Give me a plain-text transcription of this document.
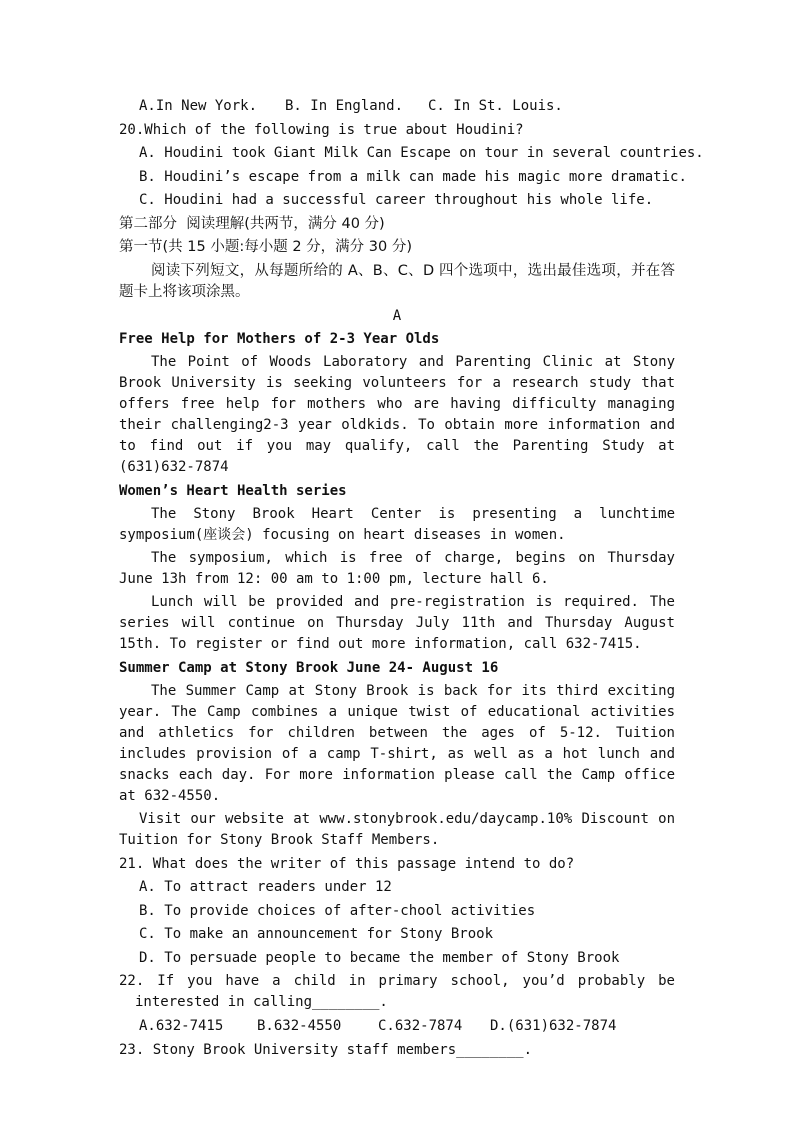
A.In New York.	B. In England.	C. In St. Louis.
20.Which of the following is true about Houdini?
A. Houdini took Giant Milk Can Escape on tour in several countries.
B. Houdini’s escape from a milk can made his magic more dramatic.
C. Houdini had a successful career throughout his whole life.
第二部分  阅读理解(共两节，满分 40 分)
第一节(共 15 小题:每小题 2 分，满分 30 分)
阅读下列短文，从每题所给的 A、B、C、D 四个选项中，选出最佳选项，并在答题卡上将该项涂黑。
A
Free Help for Mothers of 2-3 Year Olds
The Point of Woods Laboratory and Parenting Clinic at Stony Brook University is seeking volunteers for a research study that offers free help for mothers who are having difficulty managing their challenging2-3 year oldkids. To obtain more information and to find out if you may qualify, call the Parenting Study at (631)632-7874
Women’s Heart Health series
The Stony Brook Heart Center is presenting a lunchtime symposium(座谈会) focusing on heart diseases in women.
The symposium, which is free of charge, begins on Thursday June 13h from 12: 00 am to 1:00 pm, lecture hall 6.
Lunch will be provided and pre-registration is required. The series will continue on Thursday July 11th and Thursday August 15th. To register or find out more information, call 632-7415.
Summer Camp at Stony Brook June 24- August 16
The Summer Camp at Stony Brook is back for its third exciting year. The Camp combines a unique twist of educational activities and athletics for children between the ages of 5-12. Tuition includes provision of a camp T-shirt, as well as a hot lunch and snacks each day. For more information please call the Camp office at 632-4550.
Visit our website at www.stonybrook.edu/daycamp.10% Discount on Tuition for Stony Brook Staff Members.
21. What does the writer of this passage intend to do?
A. To attract readers under 12
B. To provide choices of after-chool activities
C. To make an announcement for Stony Brook
D. To persuade people to became the member of Stony Brook
22. If you have a child in primary school, you’d probably be interested in calling________.
A.632-7415	B.632-4550	C.632-7874	D.(631)632-7874
23. Stony Brook University staff members________.
